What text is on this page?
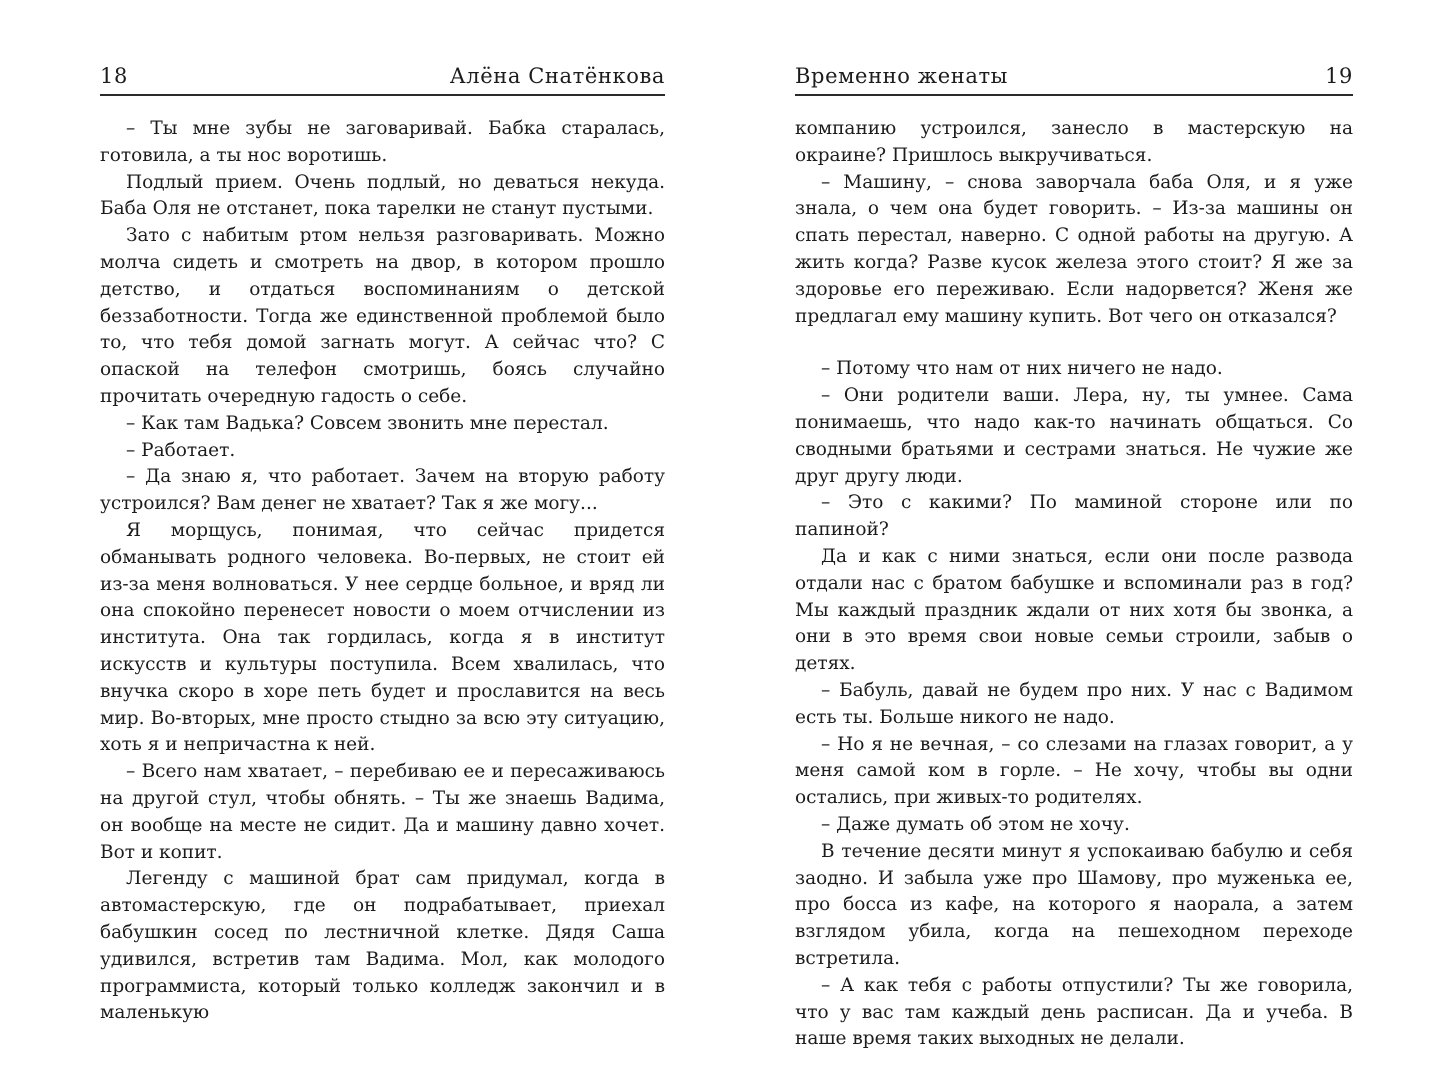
18	Алёна Снатёнкова

– Ты мне зубы не заговаривай. Бабка старалась, готовила, а ты нос воротишь.

Подлый прием. Очень подлый, но деваться некуда. Баба Оля не отстанет, пока тарелки не станут пустыми.

Зато с набитым ртом нельзя разговаривать. Можно молча сидеть и смотреть на двор, в котором прошло детство, и отдаться воспоминаниям о детской беззаботности. Тогда же единственной проблемой было то, что тебя домой загнать могут. А сейчас что? С опаской на телефон смотришь, боясь случайно прочитать очередную гадость о себе.

– Как там Вадька? Совсем звонить мне перестал.

– Работает.

– Да знаю я, что работает. Зачем на вторую работу устроился? Вам денег не хватает? Так я же могу...

Я морщусь, понимая, что сейчас придется обманывать родного человека. Во-первых, не стоит ей из-за меня волноваться. У нее сердце больное, и вряд ли она спокойно перенесет новости о моем отчислении из института. Она так гордилась, когда я в институт искусств и культуры поступила. Всем хвалилась, что внучка скоро в хоре петь будет и прославится на весь мир. Во-вторых, мне просто стыдно за всю эту ситуацию, хоть я и непричастна к ней.

– Всего нам хватает, – перебиваю ее и пересаживаюсь на другой стул, чтобы обнять. – Ты же знаешь Вадима, он вообще на месте не сидит. Да и машину давно хочет. Вот и копит.

Легенду с машиной брат сам придумал, когда в автомастерскую, где он подрабатывает, приехал бабушкин сосед по лестничной клетке. Дядя Саша удивился, встретив там Вадима. Мол, как молодого программиста, который только колледж закончил и в маленькую

Временно женаты	19

компанию устроился, занесло в мастерскую на окраине? Пришлось выкручиваться.

– Машину, – снова заворчала баба Оля, и я уже знала, о чем она будет говорить. – Из-за машины он спать перестал, наверно. С одной работы на другую. А жить когда? Разве кусок железа этого стоит? Я же за здоровье его переживаю. Если надорвется? Женя же предлагал ему машину купить. Вот чего он отказался?

– Потому что нам от них ничего не надо.

– Они родители ваши. Лера, ну, ты умнее. Сама понимаешь, что надо как-то начинать общаться. Со сводными братьями и сестрами знаться. Не чужие же друг другу люди.

– Это с какими? По маминой стороне или по папиной?

Да и как с ними знаться, если они после развода отдали нас с братом бабушке и вспоминали раз в год? Мы каждый праздник ждали от них хотя бы звонка, а они в это время свои новые семьи строили, забыв о детях.

– Бабуль, давай не будем про них. У нас с Вадимом есть ты. Больше никого не надо.

– Но я не вечная, – со слезами на глазах говорит, а у меня самой ком в горле. – Не хочу, чтобы вы одни остались, при живых-то родителях.

– Даже думать об этом не хочу.

В течение десяти минут я успокаиваю бабулю и себя заодно. И забыла уже про Шамову, про муженька ее, про босса из кафе, на которого я наорала, а затем взглядом убила, когда на пешеходном переходе встретила.

– А как тебя с работы отпустили? Ты же говорила, что у вас там каждый день расписан. Да и учеба. В наше время таких выходных не делали.
